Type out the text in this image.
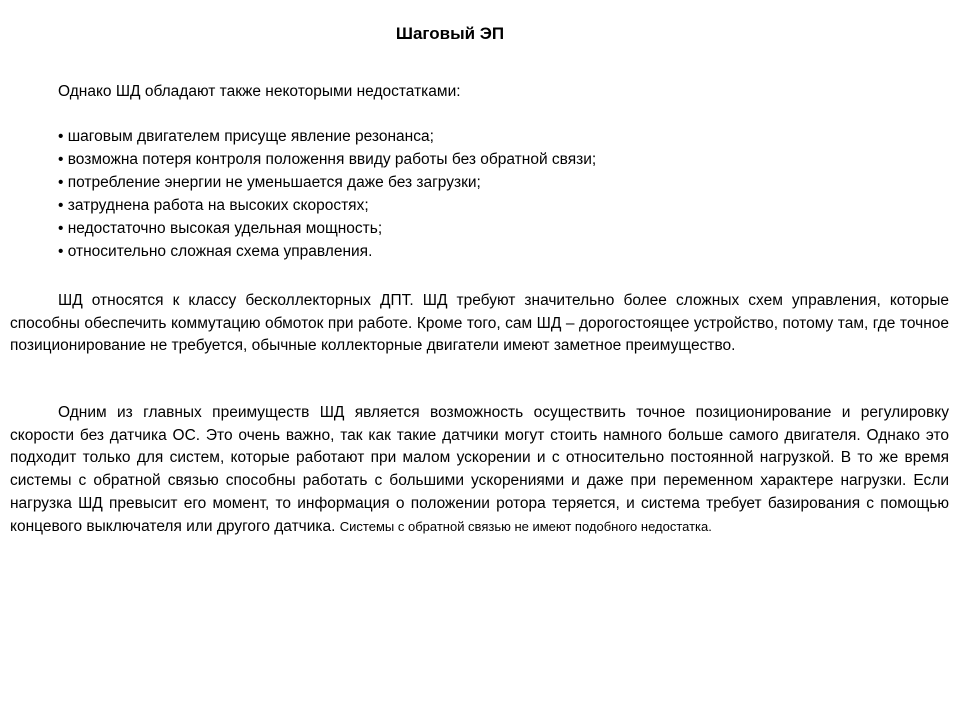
Шаговый ЭП

Однако ШД обладают также некоторыми недостатками:

• шаговым двигателем присуще явление резонанса;
• возможна потеря контроля положення ввиду работы без обратной связи;
• потребление энергии не уменьшается даже без загрузки;
• затруднена работа на высоких скоростях;
• недостаточно высокая удельная мощность;
• относительно сложная схема управления.

ШД относятся к классу бесколлекторных ДПТ. ШД требуют значительно более сложных схем управления, которые способны обеспечить коммутацию обмоток при работе. Кроме того, сам ШД – дорогостоящее устройство, потому там, где точное позиционирование не требуется, обычные коллекторные двигатели имеют заметное преимущество.

Одним из главных преимуществ ШД является возможность осуществить точное позиционирование и регулировку скорости без датчика ОС. Это очень важно, так как такие датчики могут стоить намного больше самого двигателя. Однако это подходит только для систем, которые работают при малом ускорении и с относительно постоянной нагрузкой. В то же время системы с обратной связью способны работать с большими ускорениями и даже при переменном характере нагрузки. Если нагрузка ШД превысит его момент, то информация о положении ротора теряется, и система требует базирования с помощью концевого выключателя или другого датчика. Системы с обратной связью не имеют подобного недостатка.
